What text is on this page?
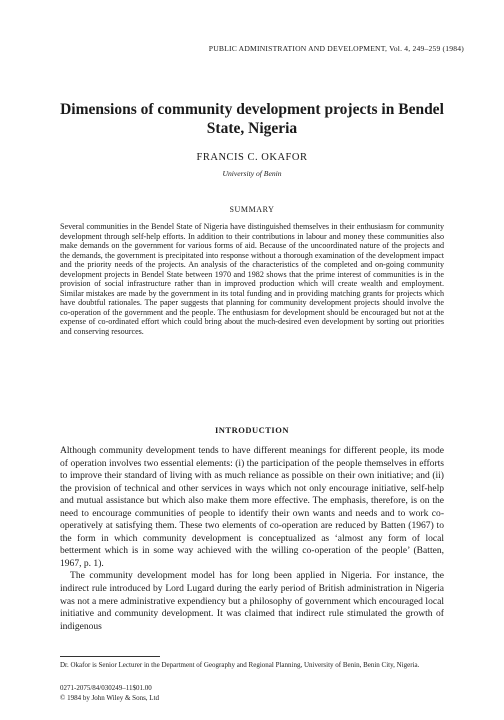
PUBLIC ADMINISTRATION AND DEVELOPMENT, Vol. 4, 249–259 (1984)
Dimensions of community development projects in Bendel State, Nigeria
FRANCIS C. OKAFOR
University of Benin
SUMMARY

Several communities in the Bendel State of Nigeria have distinguished themselves in their enthusiasm for community development through self-help efforts. In addition to their contributions in labour and money these communities also make demands on the government for various forms of aid. Because of the uncoordinated nature of the projects and the demands, the government is precipitated into response without a thorough examination of the development impact and the priority needs of the projects. An analysis of the characteristics of the completed and on-going community development projects in Bendel State between 1970 and 1982 shows that the prime interest of communities is in the provision of social infrastructure rather than in improved production which will create wealth and employment. Similar mistakes are made by the government in its total funding and in providing matching grants for projects which have doubtful rationales. The paper suggests that planning for community development projects should involve the co-operation of the government and the people. The enthusiasm for development should be encouraged but not at the expense of co-ordinated effort which could bring about the much-desired even development by sorting out priorities and conserving resources.

INTRODUCTION

Although community development tends to have different meanings for different people, its mode of operation involves two essential elements: (i) the participation of the people themselves in efforts to improve their standard of living with as much reliance as possible on their own initiative; and (ii) the provision of technical and other services in ways which not only encourage initiative, self-help and mutual assistance but which also make them more effective. The emphasis, therefore, is on the need to encourage communities of people to identify their own wants and needs and to work co-operatively at satisfying them. These two elements of co-operation are reduced by Batten (1967) to the form in which community development is conceptualized as ‘almost any form of local betterment which is in some way achieved with the willing co-operation of the people’ (Batten, 1967, p. 1).

The community development model has for long been applied in Nigeria. For instance, the indirect rule introduced by Lord Lugard during the early period of British administration in Nigeria was not a mere administrative expendiency but a philosophy of government which encouraged local initiative and community development. It was claimed that indirect rule stimulated the growth of indigenous

Dr. Okafor is Senior Lecturer in the Department of Geography and Regional Planning, University of Benin, Benin City, Nigeria.

0271-2075/84/030249–11$01.00
© 1984 by John Wiley & Sons, Ltd
